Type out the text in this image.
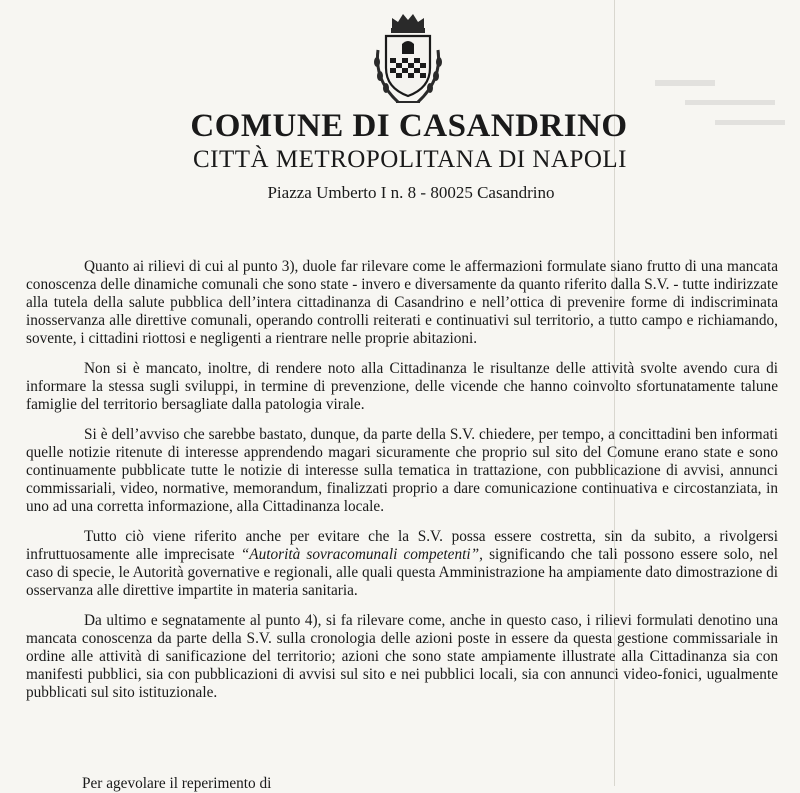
COMUNE DI CASANDRINO
CITTÀ METROPOLITANA DI NAPOLI
Piazza Umberto I n. 8 - 80025 Casandrino

Quanto ai rilievi di cui al punto 3), duole far rilevare come le affermazioni formulate siano frutto di una mancata conoscenza delle dinamiche comunali che sono state - invero e diversamente da quanto riferito dalla S.V. - tutte indirizzate alla tutela della salute pubblica dell’intera cittadinanza di Casandrino e nell’ottica di prevenire forme di indiscriminata inosservanza alle direttive comunali, operando controlli reiterati e continuativi sul territorio, a tutto campo e richiamando, sovente, i cittadini riottosi e negligenti a rientrare nelle proprie abitazioni.

Non si è mancato, inoltre, di rendere noto alla Cittadinanza le risultanze delle attività svolte avendo cura di informare la stessa sugli sviluppi, in termine di prevenzione, delle vicende che hanno coinvolto sfortunatamente talune famiglie del territorio bersagliate dalla patologia virale.

Si è dell’avviso che sarebbe bastato, dunque, da parte della S.V. chiedere, per tempo, a concittadini ben informati quelle notizie ritenute di interesse apprendendo magari sicuramente che proprio sul sito del Comune erano state e sono continuamente pubblicate tutte le notizie di interesse sulla tematica in trattazione, con pubblicazione di avvisi, annunci commissariali, video, normative, memorandum, finalizzati proprio a dare comunicazione continuativa e circostanziata, in uno ad una corretta informazione, alla Cittadinanza locale.

Tutto ciò viene riferito anche per evitare che la S.V. possa essere costretta, sin da subito, a rivolgersi infruttuosamente alle imprecisate “Autorità sovracomunali competenti”, significando che tali possono essere solo, nel caso di specie, le Autorità governative e regionali, alle quali questa Amministrazione ha ampiamente dato dimostrazione di osservanza alle direttive impartite in materia sanitaria.

Da ultimo e segnatamente al punto 4), si fa rilevare come, anche in questo caso, i rilievi formulati denotino una mancata conoscenza da parte della S.V. sulla cronologia delle azioni poste in essere da questa gestione commissariale in ordine alle attività di sanificazione del territorio; azioni che sono state ampiamente illustrate alla Cittadinanza sia con manifesti pubblici, sia con pubblicazioni di avvisi sul sito e nei pubblici locali, sia con annunci video-fonici, ugualmente pubblicati sul sito istituzionale.

Per agevolare il reperimento di
